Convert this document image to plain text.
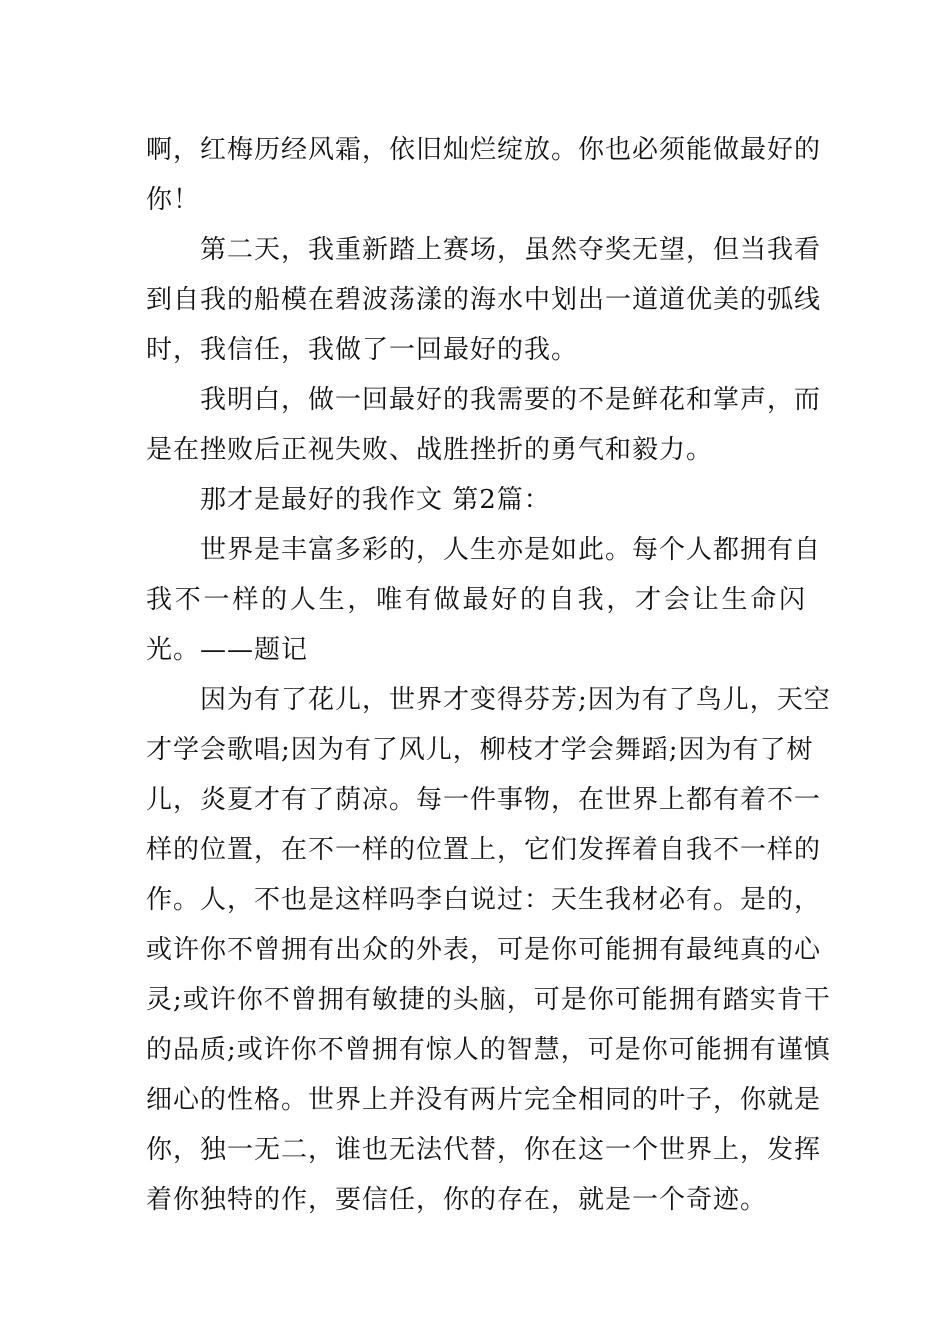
啊，红梅历经风霜，依旧灿烂绽放。你也必须能做最好的
你！
第二天，我重新踏上赛场，虽然夺奖无望，但当我看
到自我的船模在碧波荡漾的海水中划出一道道优美的弧线
时，我信任，我做了一回最好的我。
我明白，做一回最好的我需要的不是鲜花和掌声，而
是在挫败后正视失败、战胜挫折的勇气和毅力。
那才是最好的我作文 第2篇：
世界是丰富多彩的，人生亦是如此。每个人都拥有自
我不一样的人生，唯有做最好的自我，才会让生命闪
光。——题记
因为有了花儿，世界才变得芬芳;因为有了鸟儿，天空
才学会歌唱;因为有了风儿，柳枝才学会舞蹈;因为有了树
儿，炎夏才有了荫凉。每一件事物，在世界上都有着不一
样的位置，在不一样的位置上，它们发挥着自我不一样的
作。人，不也是这样吗李白说过：天生我材必有。是的，
或许你不曾拥有出众的外表，可是你可能拥有最纯真的心
灵;或许你不曾拥有敏捷的头脑，可是你可能拥有踏实肯干
的品质;或许你不曾拥有惊人的智慧，可是你可能拥有谨慎
细心的性格。世界上并没有两片完全相同的叶子，你就是
你，独一无二，谁也无法代替，你在这一个世界上，发挥
着你独特的作，要信任，你的存在，就是一个奇迹。
